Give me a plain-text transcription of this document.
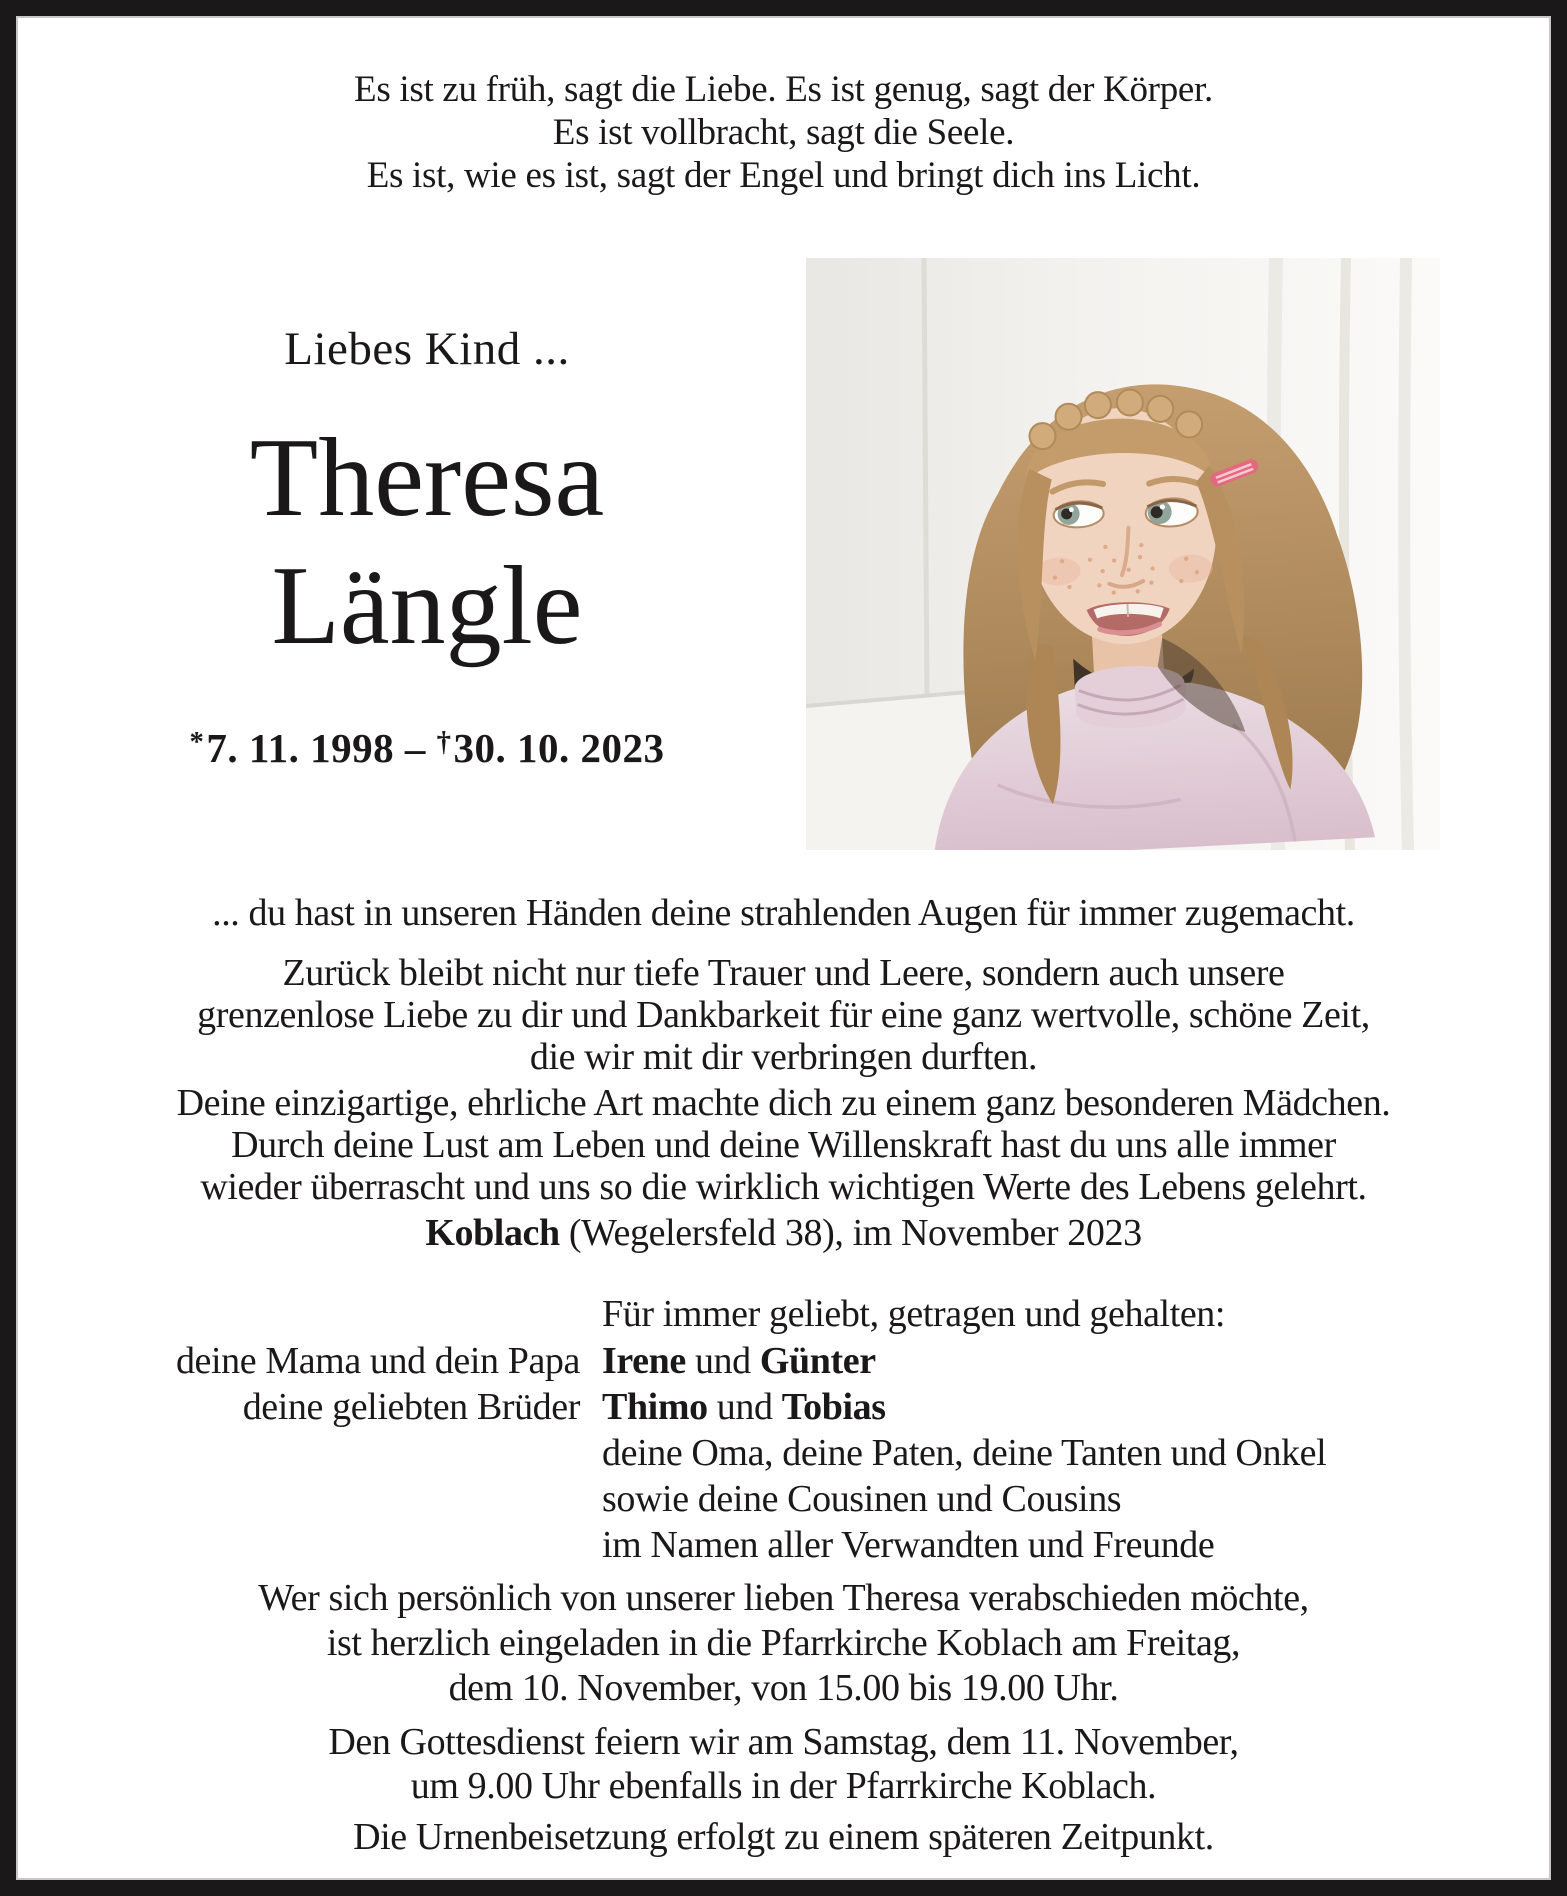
Es ist zu früh, sagt die Liebe. Es ist genug, sagt der Körper.
Es ist vollbracht, sagt die Seele.
Es ist, wie es ist, sagt der Engel und bringt dich ins Licht.
Liebes Kind ...
Theresa
Längle
*7. 11. 1998 – †30. 10. 2023
... du hast in unseren Händen deine strahlenden Augen für immer zugemacht.
Zurück bleibt nicht nur tiefe Trauer und Leere, sondern auch unsere
grenzenlose Liebe zu dir und Dankbarkeit für eine ganz wertvolle, schöne Zeit,
die wir mit dir verbringen durften.
Deine einzigartige, ehrliche Art machte dich zu einem ganz besonderen Mädchen.
Durch deine Lust am Leben und deine Willenskraft hast du uns alle immer
wieder überrascht und uns so die wirklich wichtigen Werte des Lebens gelehrt.
Koblach (Wegelersfeld 38), im November 2023
Für immer geliebt, getragen und gehalten:
deine Mama und dein Papa
deine geliebten Brüder
Irene und Günter
Thimo und Tobias
deine Oma, deine Paten, deine Tanten und Onkel
sowie deine Cousinen und Cousins
im Namen aller Verwandten und Freunde
Wer sich persönlich von unserer lieben Theresa verabschieden möchte,
ist herzlich eingeladen in die Pfarrkirche Koblach am Freitag,
dem 10. November, von 15.00 bis 19.00 Uhr.
Den Gottesdienst feiern wir am Samstag, dem 11. November,
um 9.00 Uhr ebenfalls in der Pfarrkirche Koblach.
Die Urnenbeisetzung erfolgt zu einem späteren Zeitpunkt.
